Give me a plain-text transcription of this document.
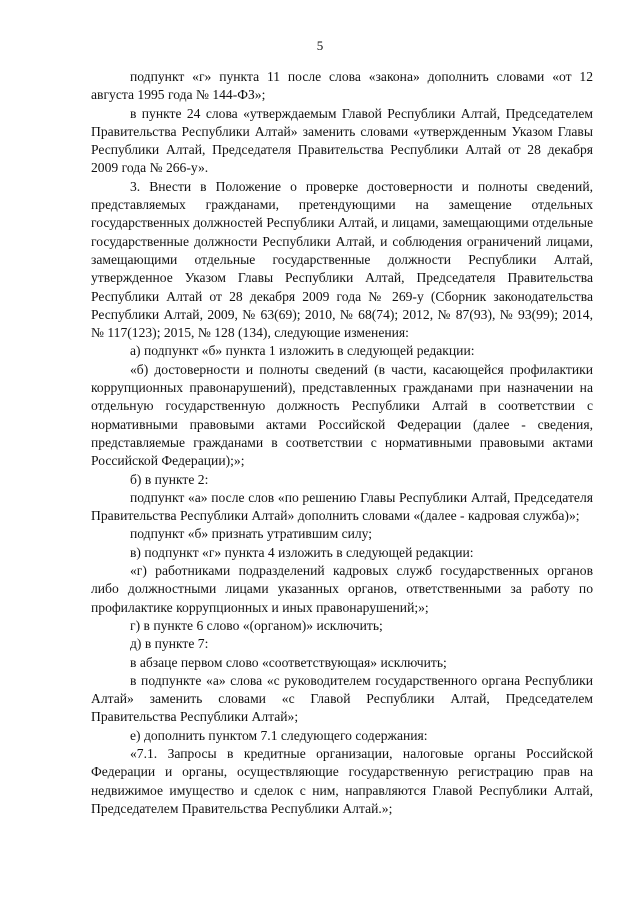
5

подпункт «г» пункта 11 после слова «закона» дополнить словами «от 12 августа 1995 года № 144-ФЗ»;

в пункте 24 слова «утверждаемым Главой Республики Алтай, Председателем Правительства Республики Алтай» заменить словами «утвержденным Указом Главы Республики Алтай, Председателя Правительства Республики Алтай от 28 декабря 2009 года № 266-у».

3. Внести в Положение о проверке достоверности и полноты сведений, представляемых гражданами, претендующими на замещение отдельных государственных должностей Республики Алтай, и лицами, замещающими отдельные государственные должности Республики Алтай, и соблюдения ограничений лицами, замещающими отдельные государственные должности Республики Алтай, утвержденное Указом Главы Республики Алтай, Председателя Правительства Республики Алтай от 28 декабря 2009 года № 269-у (Сборник законодательства Республики Алтай, 2009, № 63(69); 2010, № 68(74); 2012, № 87(93), № 93(99); 2014, № 117(123); 2015, № 128 (134), следующие изменения:

а) подпункт «б» пункта 1 изложить в следующей редакции:

«б) достоверности и полноты сведений (в части, касающейся профилактики коррупционных правонарушений), представленных гражданами при назначении на отдельную государственную должность Республики Алтай в соответствии с нормативными правовыми актами Российской Федерации (далее - сведения, представляемые гражданами в соответствии с нормативными правовыми актами Российской Федерации);»;

б) в пункте 2:

подпункт «а» после слов «по решению Главы Республики Алтай, Председателя Правительства Республики Алтай» дополнить словами «(далее - кадровая служба)»;

подпункт «б» признать утратившим силу;

в) подпункт «г» пункта 4 изложить в следующей редакции:

«г) работниками подразделений кадровых служб государственных органов либо должностными лицами указанных органов, ответственными за работу по профилактике коррупционных и иных правонарушений;»;

г) в пункте 6 слово «(органом)» исключить;

д) в пункте 7:

в абзаце первом слово «соответствующая» исключить;

в подпункте «а» слова «с руководителем государственного органа Республики Алтай» заменить словами «с Главой Республики Алтай, Председателем Правительства Республики Алтай»;

е) дополнить пунктом 7.1 следующего содержания:

«7.1. Запросы в кредитные организации, налоговые органы Российской Федерации и органы, осуществляющие государственную регистрацию прав на недвижимое имущество и сделок с ним, направляются Главой Республики Алтай, Председателем Правительства Республики Алтай.»;
